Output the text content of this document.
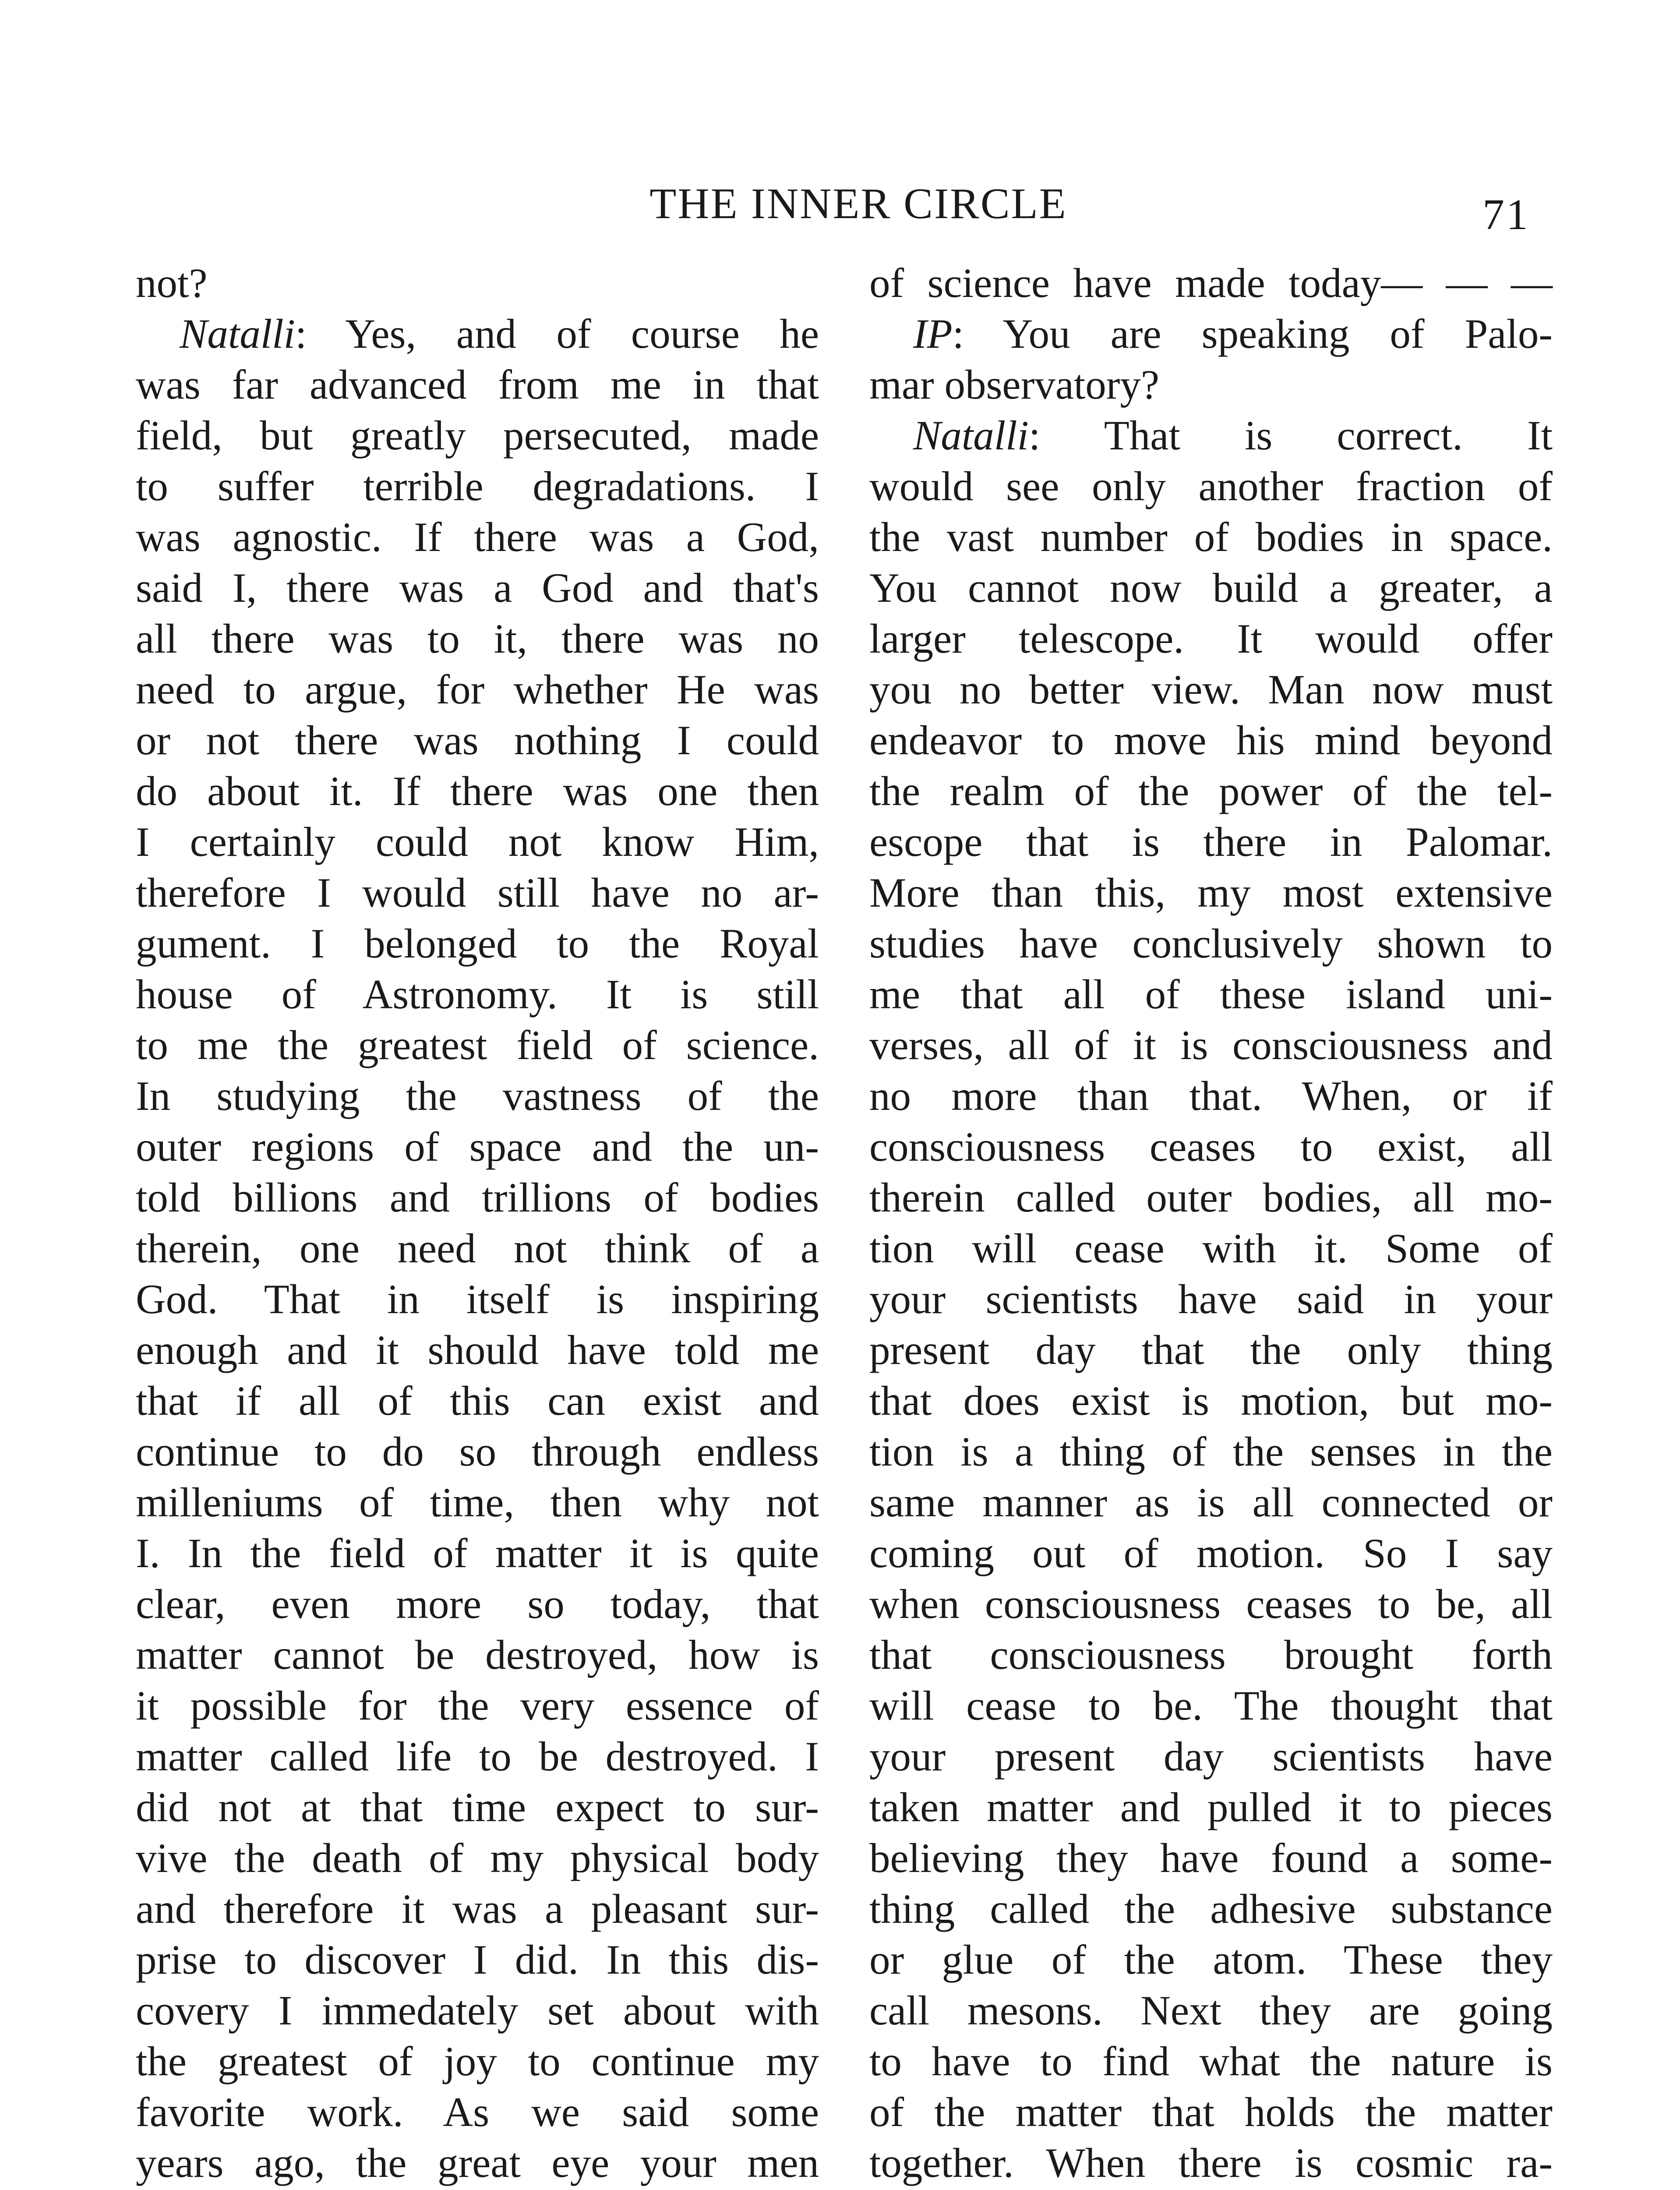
THE INNER CIRCLE	71
not?
Natalli: Yes, and of course he
was far advanced from me in that
field, but greatly persecuted, made
to suffer terrible degradations. I
was agnostic. If there was a God,
said I, there was a God and that's
all there was to it, there was no
need to argue, for whether He was
or not there was nothing I could
do about it. If there was one then
I certainly could not know Him,
therefore I would still have no ar-
gument. I belonged to the Royal
house of Astronomy. It is still
to me the greatest field of science.
In studying the vastness of the
outer regions of space and the un-
told billions and trillions of bodies
therein, one need not think of a
God. That in itself is inspiring
enough and it should have told me
that if all of this can exist and
continue to do so through endless
milleniums of time, then why not
I. In the field of matter it is quite
clear, even more so today, that
matter cannot be destroyed, how is
it possible for the very essence of
matter called life to be destroyed. I
did not at that time expect to sur-
vive the death of my physical body
and therefore it was a pleasant sur-
prise to discover I did. In this dis-
covery I immedately set about with
the greatest of joy to continue my
favorite work. As we said some
years ago, the great eye your men
of science have made today— — —
IP: You are speaking of Palo-
mar observatory?
Natalli: That is correct. It
would see only another fraction of
the vast number of bodies in space.
You cannot now build a greater, a
larger telescope. It would offer
you no better view. Man now must
endeavor to move his mind beyond
the realm of the power of the tel-
escope that is there in Palomar.
More than this, my most extensive
studies have conclusively shown to
me that all of these island uni-
verses, all of it is consciousness and
no more than that. When, or if
consciousness ceases to exist, all
therein called outer bodies, all mo-
tion will cease with it. Some of
your scientists have said in your
present day that the only thing
that does exist is motion, but mo-
tion is a thing of the senses in the
same manner as is all connected or
coming out of motion. So I say
when consciousness ceases to be, all
that consciousness brought forth
will cease to be. The thought that
your present day scientists have
taken matter and pulled it to pieces
believing they have found a some-
thing called the adhesive substance
or glue of the atom. These they
call mesons. Next they are going
to have to find what the nature is
of the matter that holds the matter
together. When there is cosmic ra-
